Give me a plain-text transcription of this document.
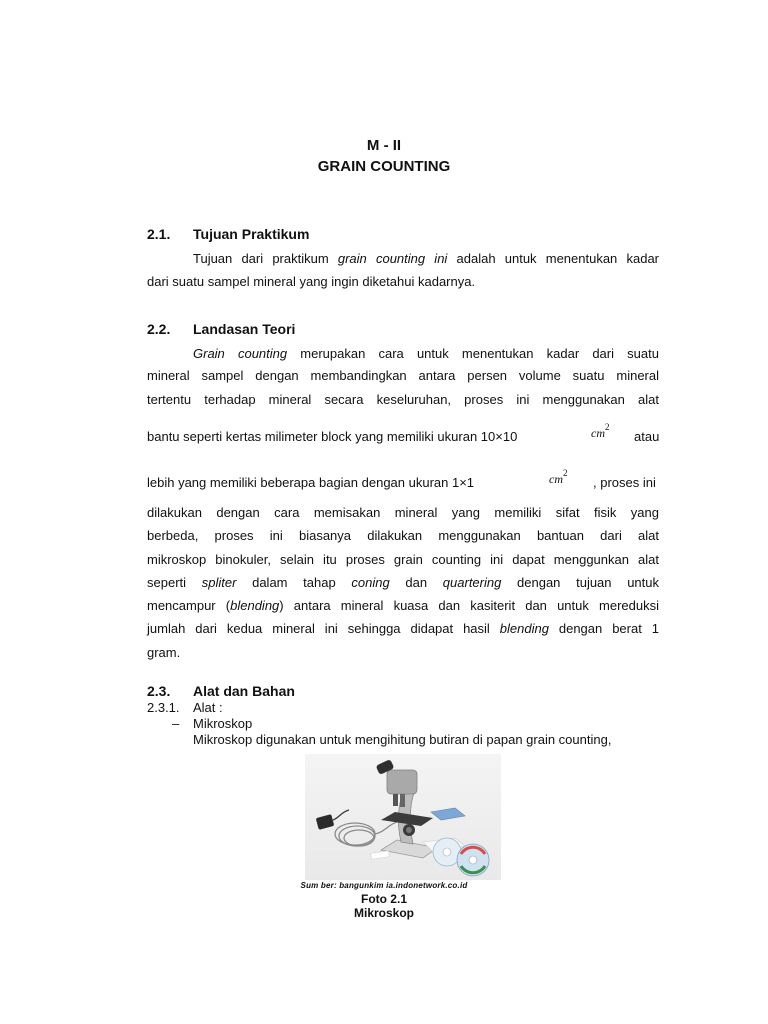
M - II
GRAIN COUNTING
2.1. Tujuan Praktikum
Tujuan dari praktikum grain counting ini adalah untuk menentukan kadar
dari suatu sampel mineral yang ingin diketahui kadarnya.
2.2. Landasan Teori
Grain counting merupakan cara untuk menentukan kadar dari suatu
mineral sampel dengan membandingkan antara persen volume suatu mineral
tertentu terhadap mineral secara keseluruhan, proses ini menggunakan alat
bantu seperti kertas milimeter block yang memiliki ukuran 10×10	$cm^2$
atau
lebih yang memiliki beberapa bagian dengan ukuran 1×1	$cm^2$
, proses ini
dilakukan dengan cara memisakan mineral yang memiliki sifat fisik yang
berbeda, proses ini biasanya dilakukan menggunakan bantuan dari alat
mikroskop binokuler, selain itu proses grain counting ini dapat menggunkan alat
seperti spliter dalam tahap coning dan quartering dengan tujuan untuk
mencampur (blending) antara mineral kuasa dan kasiterit dan untuk mereduksi
jumlah dari kedua mineral ini sehingga didapat hasil blending dengan berat 1
gram.
2.3. Alat dan Bahan
2.3.1. Alat :
– Mikroskop
Mikroskop digunakan untuk mengihitung butiran di papan grain counting,
Sum ber: bangunkim ia.indonetwork.co.id
Foto 2.1
Mikroskop
